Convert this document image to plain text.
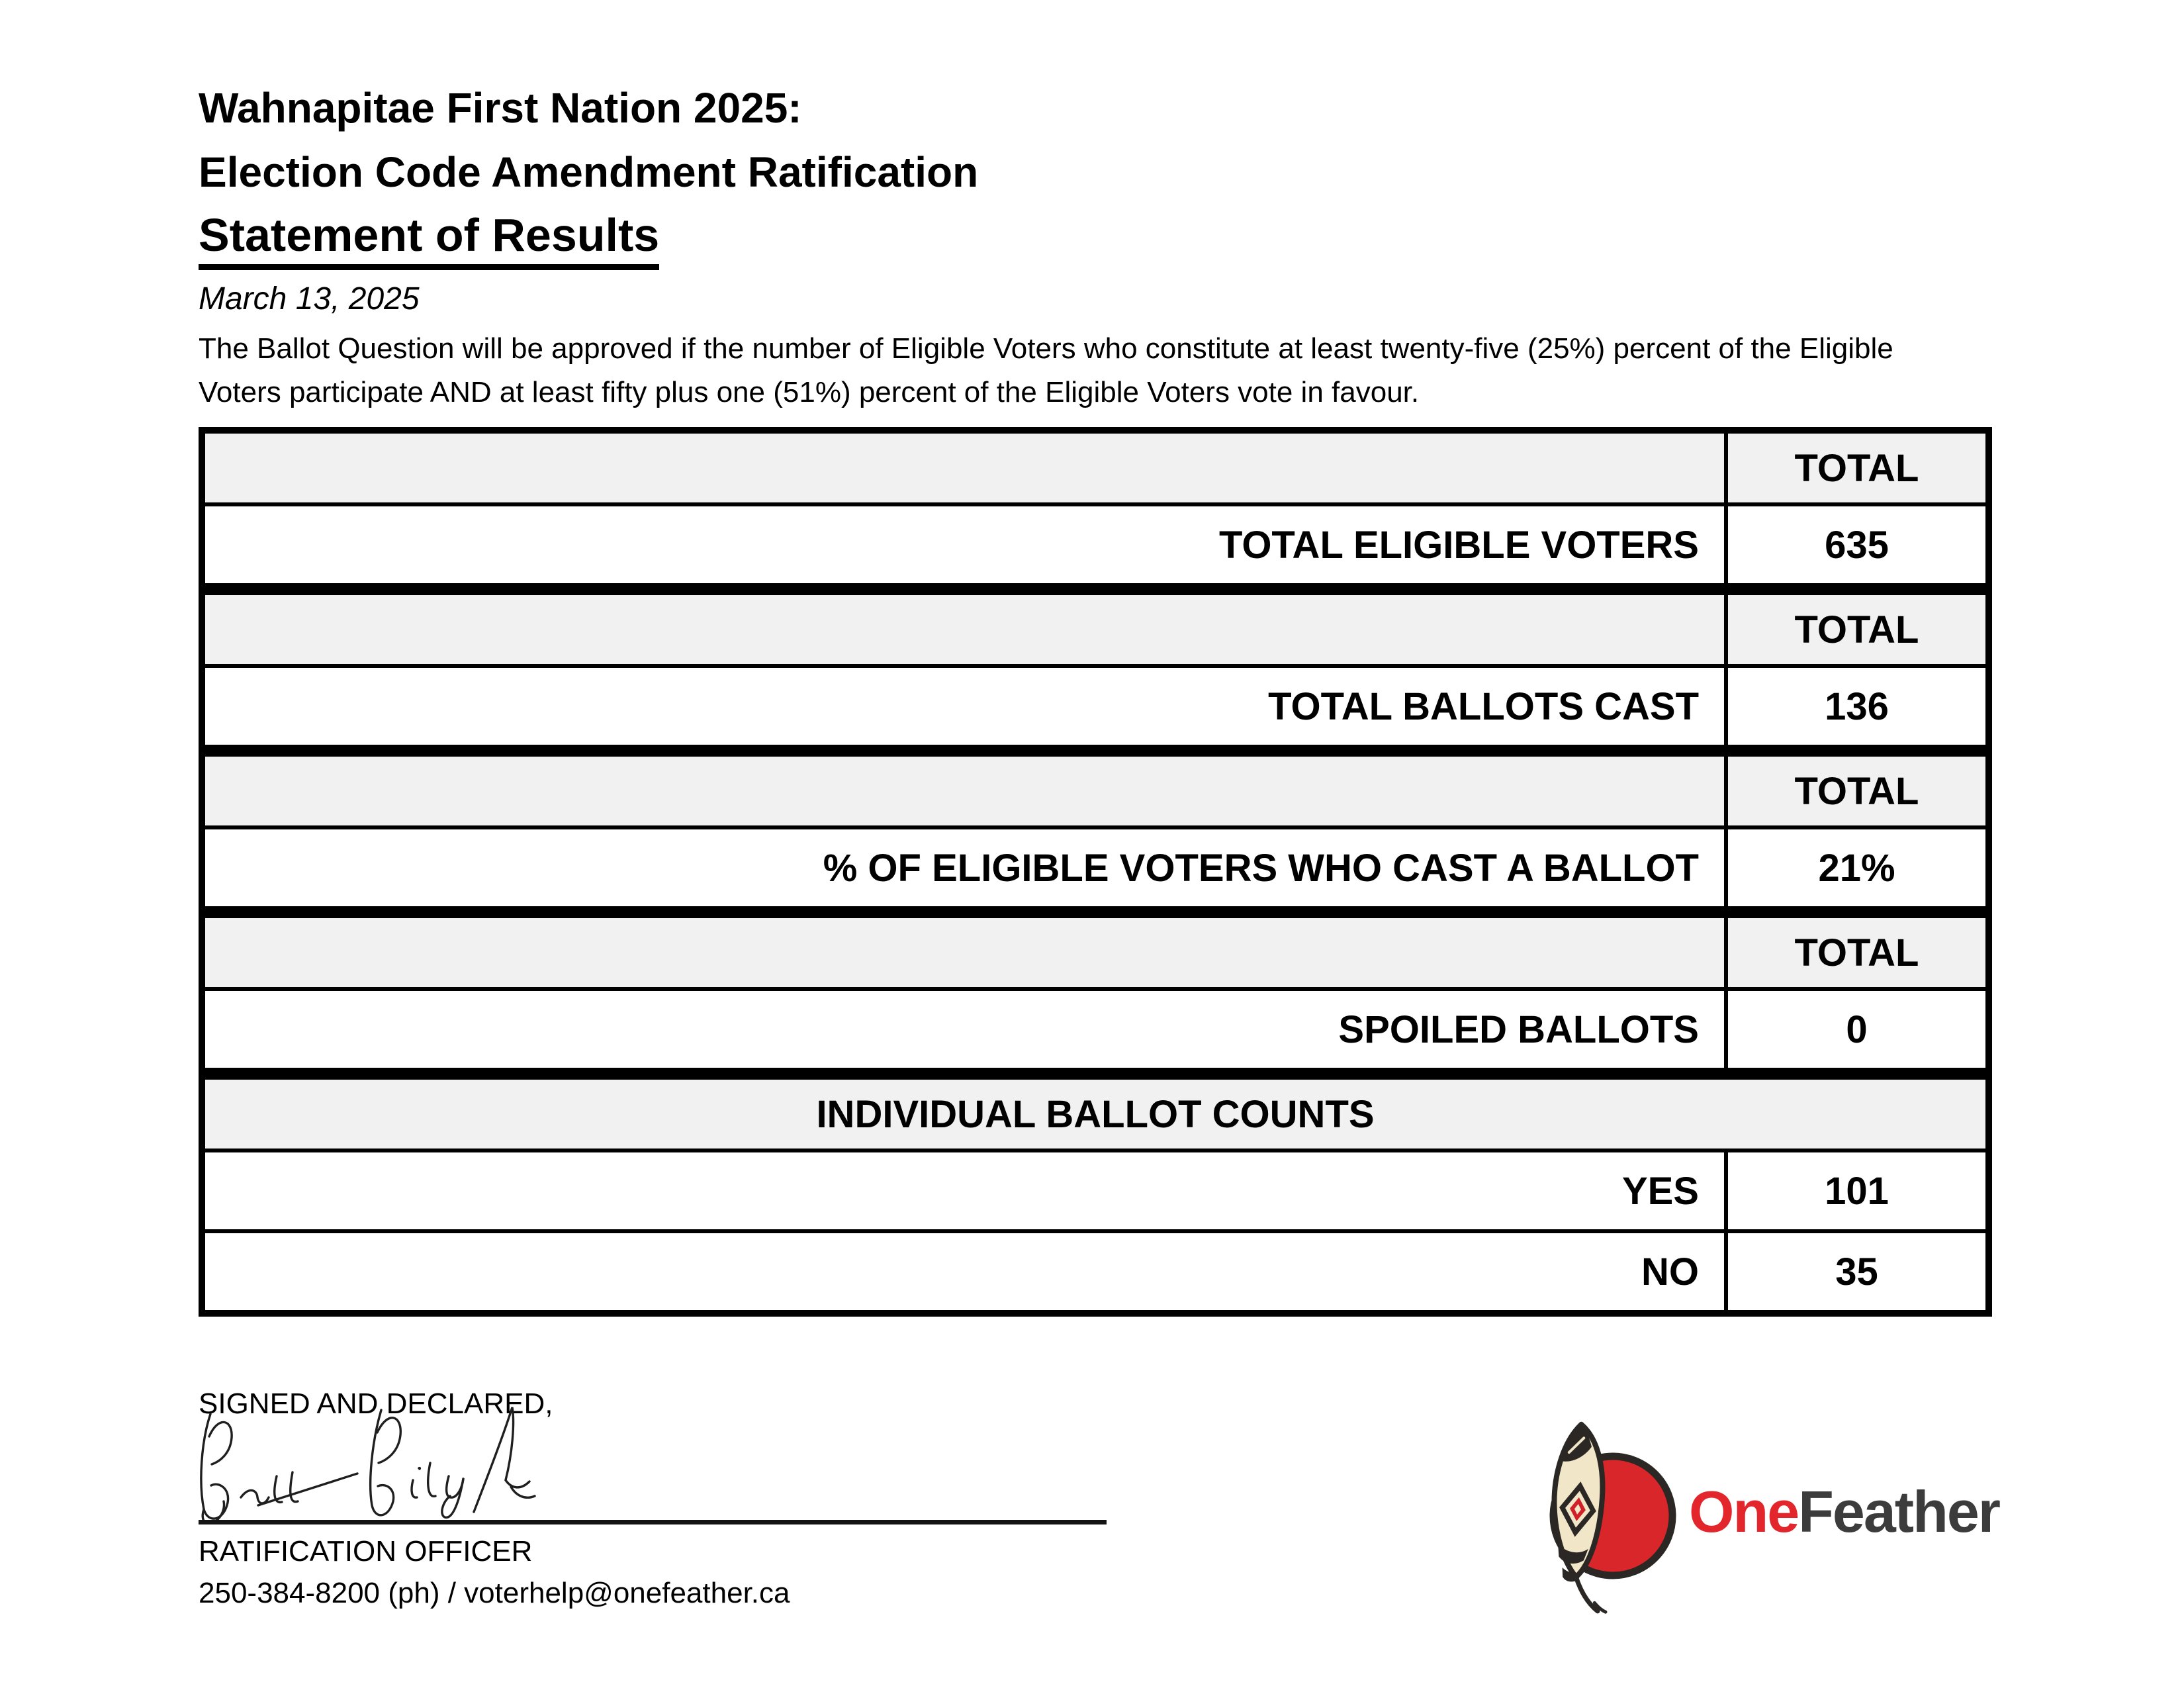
Wahnapitae First Nation 2025:
Election Code Amendment Ratification
Statement of Results
March 13, 2025
The Ballot Question will be approved if the number of Eligible Voters who constitute at least twenty-five (25%) percent of the Eligible
Voters participate AND at least fifty plus one (51%) percent of the Eligible Voters vote in favour.
TOTAL
TOTAL ELIGIBLE VOTERS	635
TOTAL
TOTAL BALLOTS CAST	136
TOTAL
% OF ELIGIBLE VOTERS WHO CAST A BALLOT	21%
TOTAL
SPOILED BALLOTS	0
INDIVIDUAL BALLOT COUNTS
YES	101
NO	35
SIGNED AND DECLARED,
RATIFICATION OFFICER
250-384-8200 (ph) / voterhelp@onefeather.ca
OneFeather
